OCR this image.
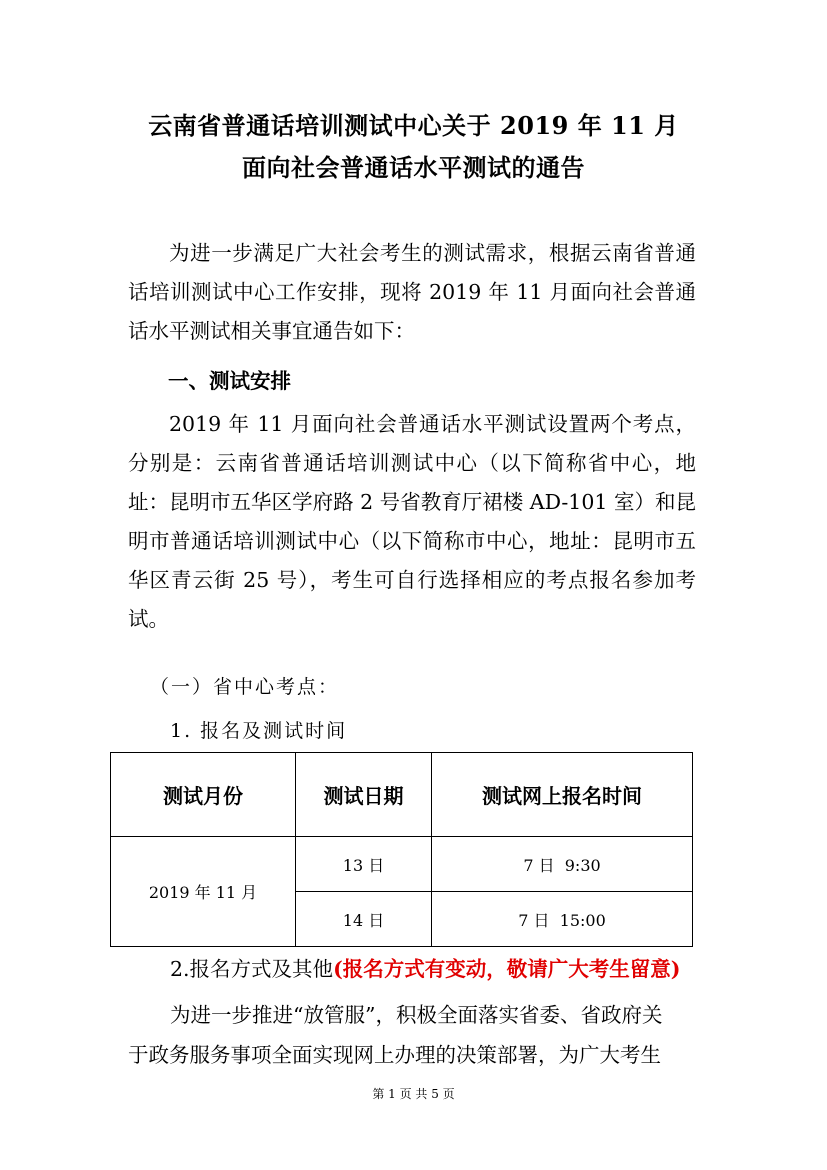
云南省普通话培训测试中心关于 2019 年 11 月
面向社会普通话水平测试的通告
为进一步满足广大社会考生的测试需求，根据云南省普通话培训测试中心工作安排，现将 2019 年 11 月面向社会普通话水平测试相关事宜通告如下：
一、测试安排
2019 年 11 月面向社会普通话水平测试设置两个考点，分别是：云南省普通话培训测试中心（以下简称省中心，地址：昆明市五华区学府路 2 号省教育厅裙楼 AD-101 室）和昆明市普通话培训测试中心（以下简称市中心，地址：昆明市五华区青云街 25 号），考生可自行选择相应的考点报名参加考试。
（一）省中心考点：
1. 报名及测试时间
测试月份	测试日期	测试网上报名时间
2019 年 11 月	13 日	7 日  9:30
	14 日	7 日  15:00
2.报名方式及其他(报名方式有变动，敬请广大考生留意)
为进一步推进“放管服”，积极全面落实省委、省政府关
于政务服务事项全面实现网上办理的决策部署，为广大考生
第 1 页 共 5 页
